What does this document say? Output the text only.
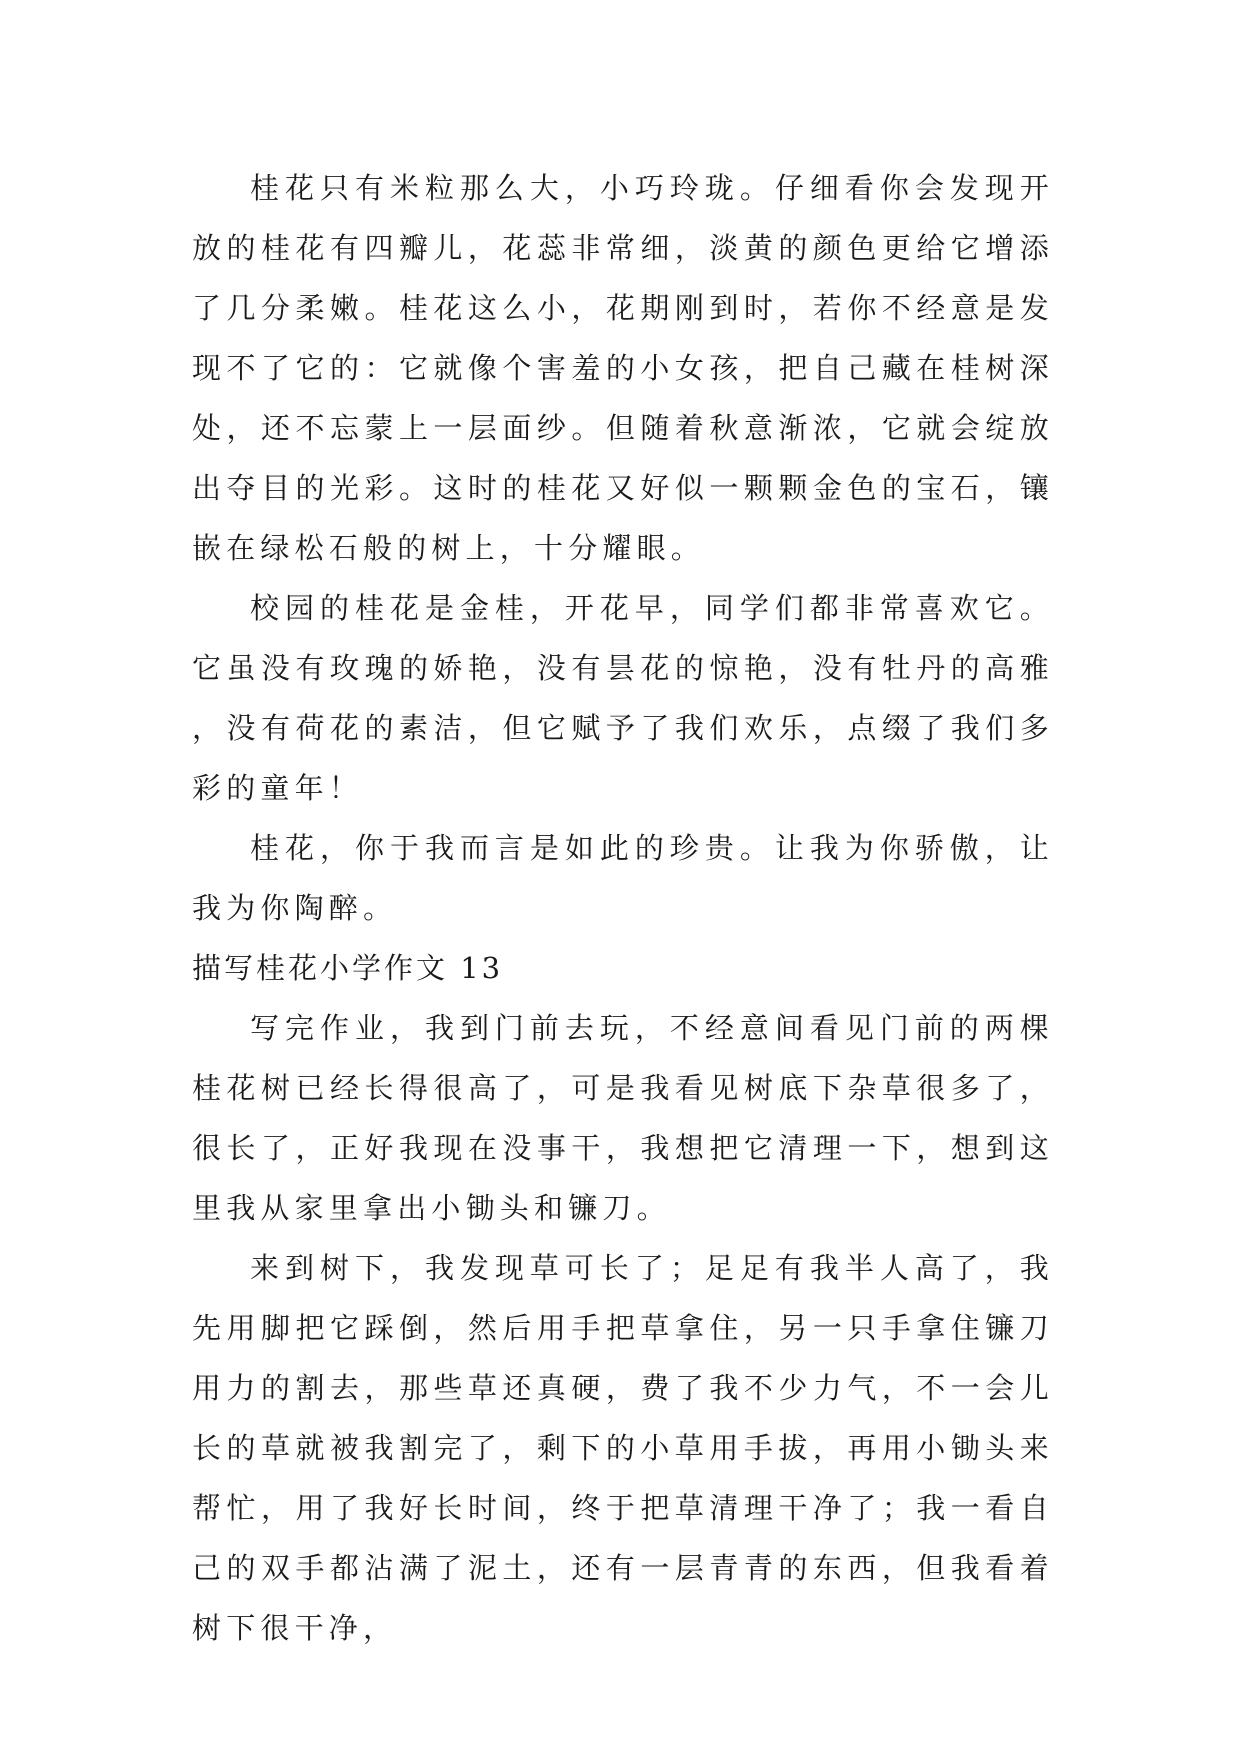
桂花只有米粒那么大，小巧玲珑。仔细看你会发现开放的桂花有四瓣儿，花蕊非常细，淡黄的颜色更给它增添了几分柔嫩。桂花这么小，花期刚到时，若你不经意是发现不了它的：它就像个害羞的小女孩，把自己藏在桂树深处，还不忘蒙上一层面纱。但随着秋意渐浓，它就会绽放出夺目的光彩。这时的桂花又好似一颗颗金色的宝石，镶嵌在绿松石般的树上，十分耀眼。

校园的桂花是金桂，开花早，同学们都非常喜欢它。它虽没有玫瑰的娇艳，没有昙花的惊艳，没有牡丹的高雅，没有荷花的素洁，但它赋予了我们欢乐，点缀了我们多彩的童年！

桂花，你于我而言是如此的珍贵。让我为你骄傲，让我为你陶醉。

描写桂花小学作文 13

写完作业，我到门前去玩，不经意间看见门前的两棵桂花树已经长得很高了，可是我看见树底下杂草很多了，很长了，正好我现在没事干，我想把它清理一下，想到这里我从家里拿出小锄头和镰刀。

来到树下，我发现草可长了；足足有我半人高了，我先用脚把它踩倒，然后用手把草拿住，另一只手拿住镰刀用力的割去，那些草还真硬，费了我不少力气，不一会儿长的草就被我割完了，剩下的小草用手拔，再用小锄头来帮忙，用了我好长时间，终于把草清理干净了；我一看自己的双手都沾满了泥土，还有一层青青的东西，但我看着树下很干净，
